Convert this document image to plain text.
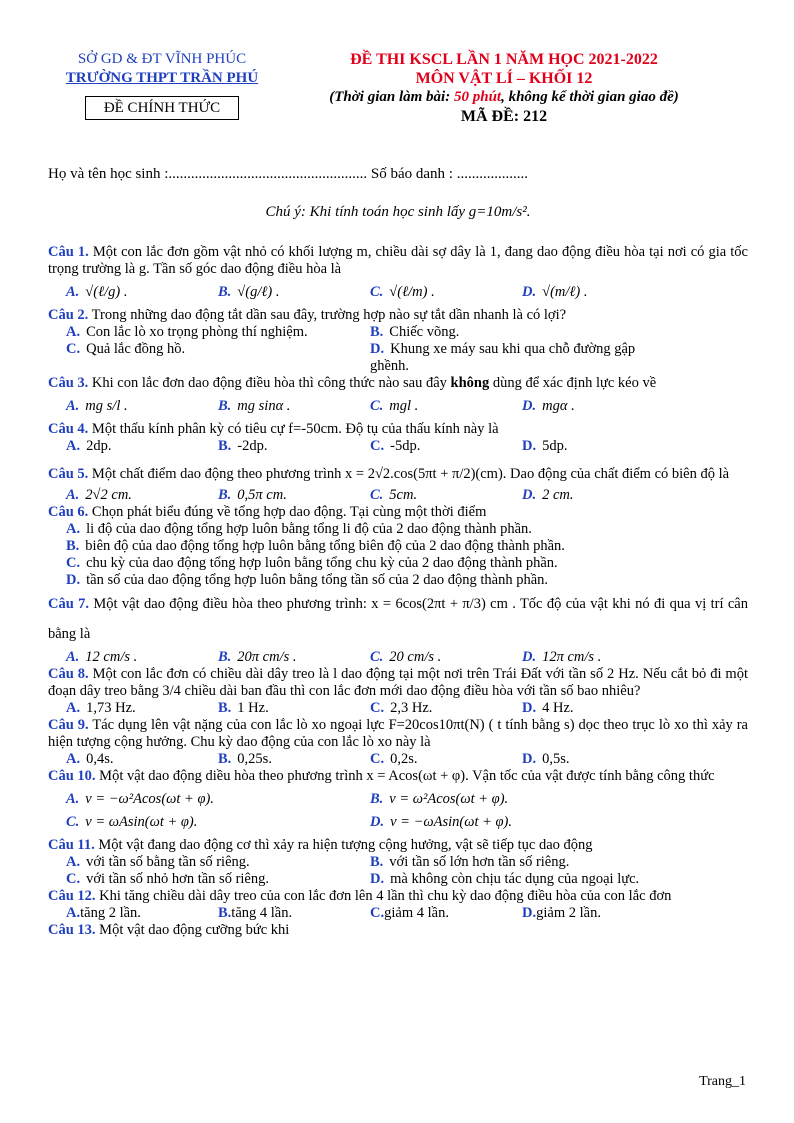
SỞ GD & ĐT VĨNH PHÚC
TRƯỜNG THPT TRẦN PHÚ
ĐỀ CHÍNH THỨC
ĐỀ THI KSCL LẦN 1 NĂM HỌC 2021-2022
MÔN VẬT LÍ – KHỐI 12
(Thời gian làm bài: 50 phút, không kể thời gian giao đề)
MÃ ĐỀ: 212
Họ và tên học sinh :..................................................... Số báo danh : ...................
Chú ý: Khi tính toán học sinh lấy g=10m/s².
Câu 1. Một con lắc đơn gồm vật nhỏ có khối lượng m, chiều dài sợ dây là 1, đang dao động điều hòa tại nơi có gia tốc trọng trường là g. Tần số góc dao động điều hòa là
A. √(ℓ/g) .	B. √(g/ℓ) .	C. √(ℓ/m) .	D. √(m/ℓ) .
Câu 2. Trong những dao động tắt dần sau đây, trường hợp nào sự tắt dần nhanh là có lợi?
A. Con lắc lò xo trọng phòng thí nghiệm.	B. Chiếc võng.
C. Quả lắc đồng hồ.	D. Khung xe máy sau khi qua chỗ đường gập ghềnh.
Câu 3. Khi con lắc đơn dao động điều hòa thì công thức nào sau đây không dùng để xác định lực kéo về
A. mg s/l .	B. mg sinα .	C. mgl .	D. mgα .
Câu 4. Một thấu kính phân kỳ có tiêu cự f=-50cm. Độ tụ của thấu kính này là
A. 2dp.	B. -2dp.	C. -5dp.	D. 5dp.
Câu 5. Một chất điểm dao động theo phương trình x = 2√2.cos(5πt + π/2)(cm). Dao động của chất điểm có biên độ là
A. 2√2 cm.	B. 0,5π cm.	C. 5cm.	D. 2 cm.
Câu 6. Chọn phát biểu đúng về tổng hợp dao động. Tại cùng một thời điểm
A. li độ của dao động tổng hợp luôn bằng tổng li độ của 2 dao động thành phần.
B. biên độ của dao động tổng hợp luôn bằng tổng biên độ của 2 dao động thành phần.
C. chu kỳ của dao động tổng hợp luôn bằng tổng chu kỳ của 2 dao động thành phần.
D. tần số của dao động tổng hợp luôn bằng tổng tần số của 2 dao động thành phần.
Câu 7. Một vật dao động điều hòa theo phương trình: x = 6cos(2πt + π/3) cm . Tốc độ của vật khi nó đi qua vị trí cân bằng là
A. 12 cm/s .	B. 20π cm/s .	C. 20 cm/s .	D. 12π cm/s .
Câu 8. Một con lắc đơn có chiều dài dây treo là l dao động tại một nơi trên Trái Đất với tần số 2 Hz. Nếu cắt bỏ đi một đoạn dây treo bằng 3/4 chiều dài ban đầu thì con lắc đơn mới dao động điều hòa với tần số bao nhiêu?
A. 1,73 Hz.	B. 1 Hz.	C. 2,3 Hz.	D. 4 Hz.
Câu 9. Tác dụng lên vật nặng của con lắc lò xo ngoại lực F=20cos10πt(N) ( t tính bằng s) dọc theo trục lò xo thì xảy ra hiện tượng cộng hưởng. Chu kỳ dao động của con lắc lò xo này là
A. 0,4s.	B. 0,25s.	C. 0,2s.	D. 0,5s.
Câu 10. Một vật dao động diều hòa theo phương trình x = Acos(ωt + φ). Vận tốc của vật được tính bằng công thức
A. v = −ω²Acos(ωt + φ).	B. v = ω²Acos(ωt + φ).
C. v = ωAsin(ωt + φ).	D. v = −ωAsin(ωt + φ).
Câu 11. Một vật đang dao động cơ thì xảy ra hiện tượng cộng hưởng, vật sẽ tiếp tục dao động
A. với tần số bằng tần số riêng.	B. với tần số lớn hơn tần số riêng.
C. với tần số nhỏ hơn tần số riêng.	D. mà không còn chịu tác dụng của ngoại lực.
Câu 12. Khi tăng chiều dài dây treo của con lắc đơn lên 4 lần thì chu kỳ dao động điều hòa của con lắc đơn
A.tăng 2 lần.	B.tăng 4 lần.	C.giảm 4 lần.	D.giảm 2 lần.
Câu 13. Một vật dao động cưỡng bức khi
Trang_1
